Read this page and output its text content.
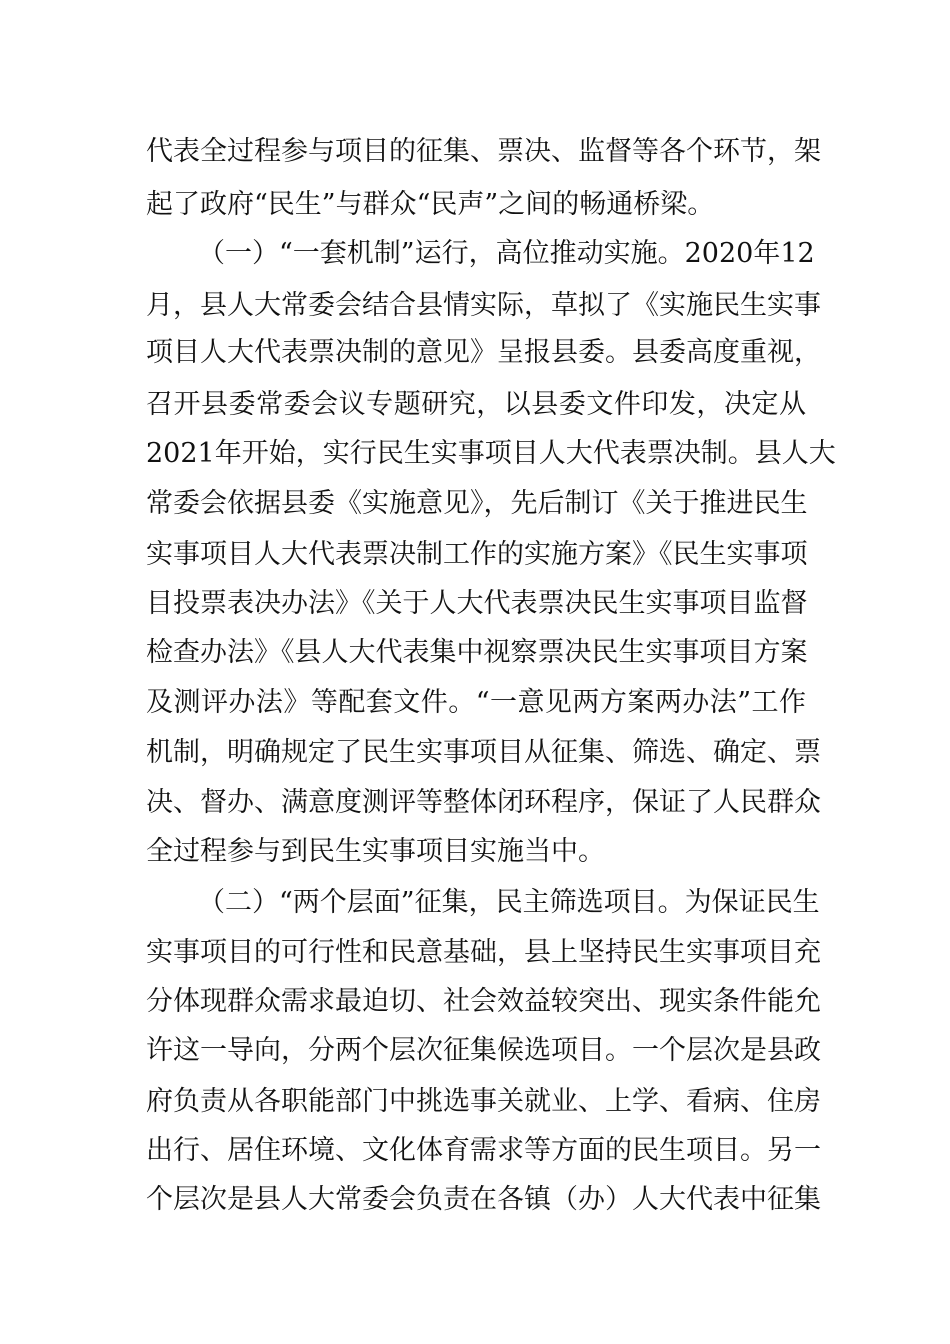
代表全过程参与项目的征集、票决、监督等各个环节，架
起了政府“民生”与群众“民声”之间的畅通桥梁。
（一）“一套机制”运行，高位推动实施。2020年12
月，县人大常委会结合县情实际，草拟了《实施民生实事
项目人大代表票决制的意见》呈报县委。县委高度重视，
召开县委常委会议专题研究，以县委文件印发，决定从
2021年开始，实行民生实事项目人大代表票决制。县人大
常委会依据县委《实施意见》，先后制订《关于推进民生
实事项目人大代表票决制工作的实施方案》《民生实事项
目投票表决办法》《关于人大代表票决民生实事项目监督
检查办法》《县人大代表集中视察票决民生实事项目方案
及测评办法》等配套文件。“一意见两方案两办法”工作
机制，明确规定了民生实事项目从征集、筛选、确定、票
决、督办、满意度测评等整体闭环程序，保证了人民群众
全过程参与到民生实事项目实施当中。
（二）“两个层面”征集，民主筛选项目。为保证民生
实事项目的可行性和民意基础，县上坚持民生实事项目充
分体现群众需求最迫切、社会效益较突出、现实条件能允
许这一导向，分两个层次征集候选项目。一个层次是县政
府负责从各职能部门中挑选事关就业、上学、看病、住房
出行、居住环境、文化体育需求等方面的民生项目。另一
个层次是县人大常委会负责在各镇（办）人大代表中征集
